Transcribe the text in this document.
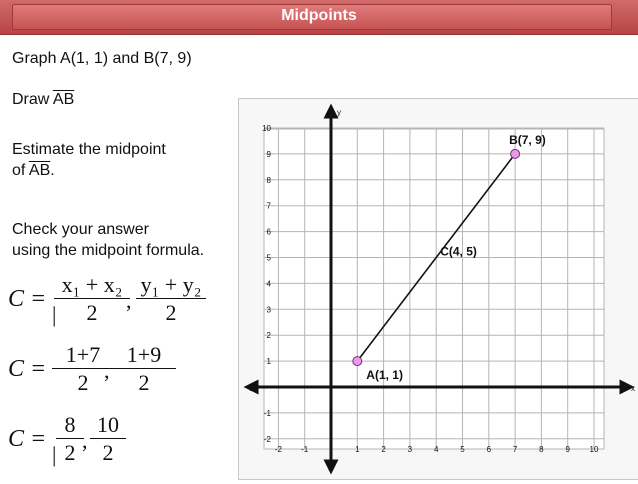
Midpoints
Graph A(1, 1) and B(7, 9)
Draw $\overline{AB}$
Estimate the midpoint
of $\overline{AB}$.
Check your answer
using the midpoint formula.
C =
|
$\frac{\text{x₁ + x₂}}{2}$
, $\frac{\text{y₁ + y₂}}{2}$
$C = \frac{1+7}{2}$
, $\frac{1+9}{2}$
C =
| $\frac{8}{2}$
, $\frac{10}{2}$
x
y
0
0
-2 -1	1	2	3	4	5	6	7	8	9 10
-2
-1
1
2
3
4
5
6
7
8
9
10
A(1, 1)
B(7, 9)
C(4, 5)
